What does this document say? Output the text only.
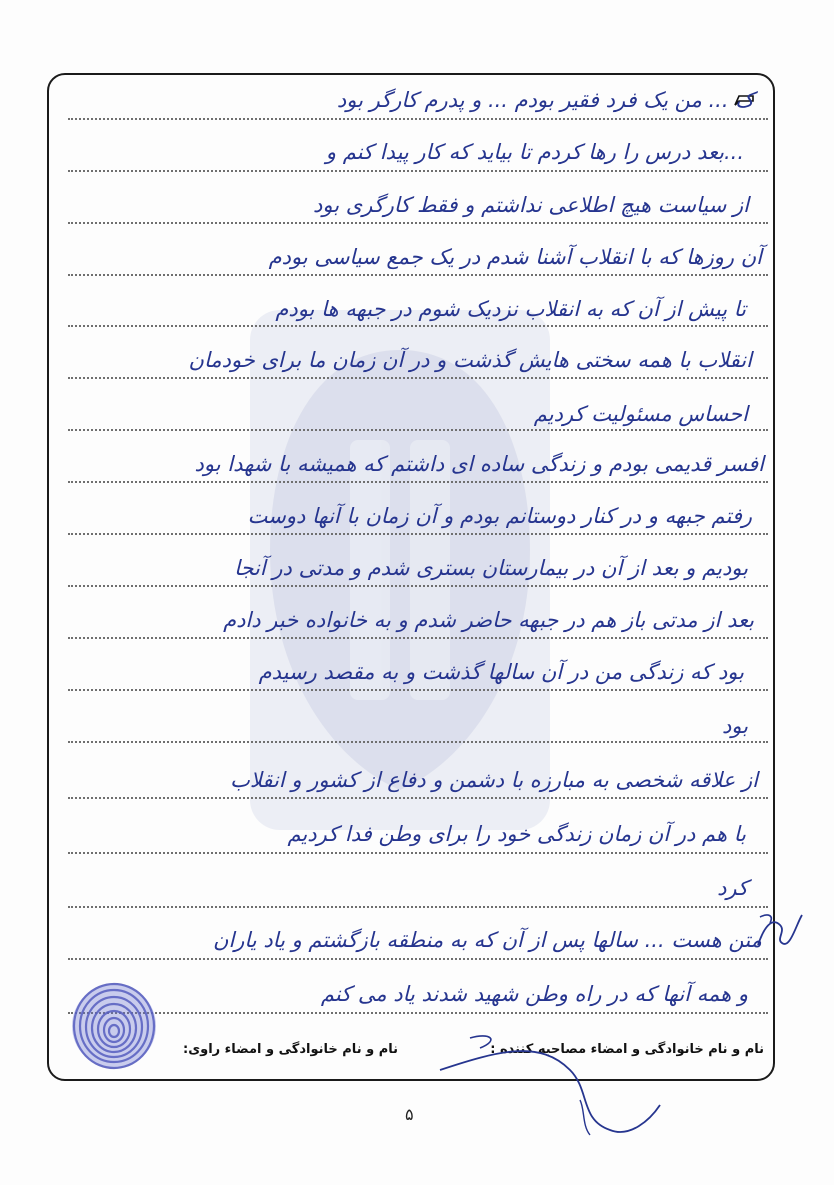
ک ... من یک فرد فقیر بودم ... و پدرم کارگر بود
...بعد درس را رها کردم تا بیاید که کار پیدا کنم و
از سیاست هیچ اطلاعی نداشتم و فقط کارگری بود
آن روزها که با انقلاب آشنا شدم در یک جمع سیاسی بودم
تا پیش از آن که به انقلاب نزدیک شوم در جبهه ها بودم
انقلاب با همه سختی هایش گذشت و در آن زمان ما برای خودمان
احساس مسئولیت کردیم
افسر قدیمی بودم و زندگی ساده ای داشتم که همیشه با شهدا بود
رفتم جبهه و در کنار دوستانم بودم و آن زمان با آنها دوست
بودیم و بعد از آن در بیمارستان بستری شدم و مدتی در آنجا
بعد از مدتی باز هم در جبهه حاضر شدم و به خانواده خبر دادم
بود که زندگی من در آن سالها گذشت و به مقصد رسیدم
بود
از علاقه شخصی به مبارزه با دشمن و دفاع از کشور و انقلاب
با هم در آن زمان زندگی خود را برای وطن فدا کردیم
کرد
متن هست ... سالها پس از آن که به منطقه بازگشتم و یاد یاران
و همه آنها که در راه وطن شهید شدند یاد می کنم
نام و نام خانوادگی و امضاء مصاحبه کننده :
نام و نام خانوادگی و امضاء راوی:
۵
